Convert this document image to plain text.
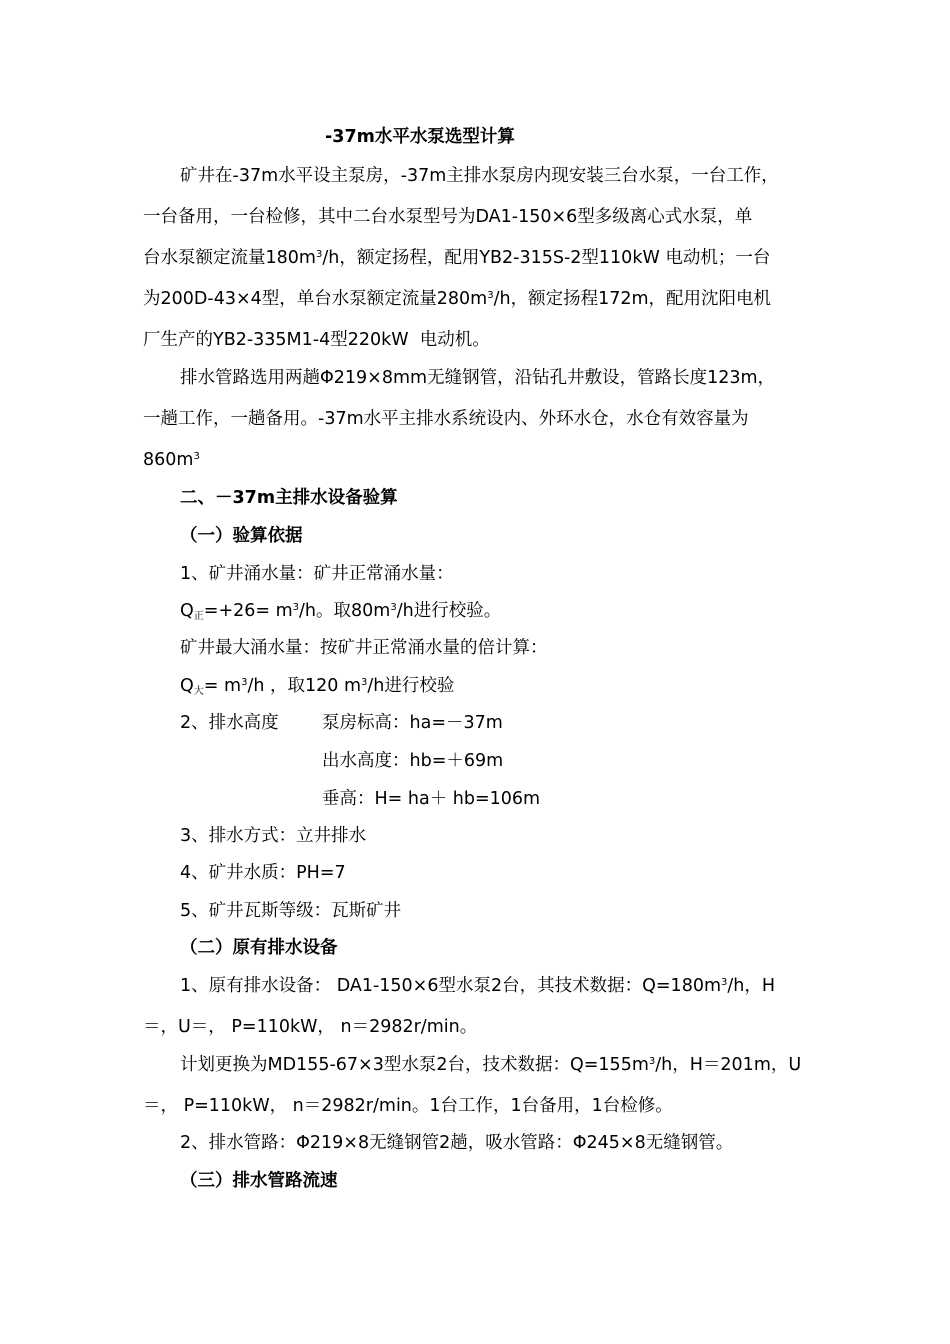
-37m水平水泵选型计算
矿井在-37m水平设主泵房，-37m主排水泵房内现安装三台水泵，一台工作，
一台备用，一台检修，其中二台水泵型号为DA1-150×6型多级离心式水泵，单
台水泵额定流量$180m^3/h$，额定扬程，配用YB2-315S-2型110kW 电动机；一台
为200D-43×4型，单台水泵额定流量$280m^3/h$，额定扬程172m，配用沈阳电机
厂生产的YB2-335M1-4型220kW  电动机。
排水管路选用两趟Φ219×8mm无缝钢管，沿钻孔井敷设，管路长度123m，
一趟工作，一趟备用。-37m水平主排水系统设内、外环水仓，水仓有效容量为
$860m^3$
二、－37m主排水设备验算
（一）验算依据
1、矿井涌水量：矿井正常涌水量：
$Q_正=+26= m^3/h$。取$80m^3/h$进行校验。
矿井最大涌水量：按矿井正常涌水量的倍计算：
$Q_大= m^3/h$ ，取120 $m^3/h$进行校验
2、排水高度 泵房标高：ha=－37m
出水高度：hb=＋69m
垂高：H= ha＋ hb=106m
3、排水方式：立井排水
4、矿井水质：PH=7
5、矿井瓦斯等级：瓦斯矿井
（二）原有排水设备
1、原有排水设备： DA1-150×6型水泵2台，其技术数据：$Q=180m^3/h$，H
＝，U＝， P=110kW， n＝2982r/min。
计划更换为MD155-67×3型水泵2台，技术数据：$Q=155m^3/h$，H＝201m，U
＝， P=110kW， n＝2982r/min。1台工作，1台备用，1台检修。
2、排水管路：Φ219×8无缝钢管2趟，吸水管路：Φ245×8无缝钢管。
（三）排水管路流速
